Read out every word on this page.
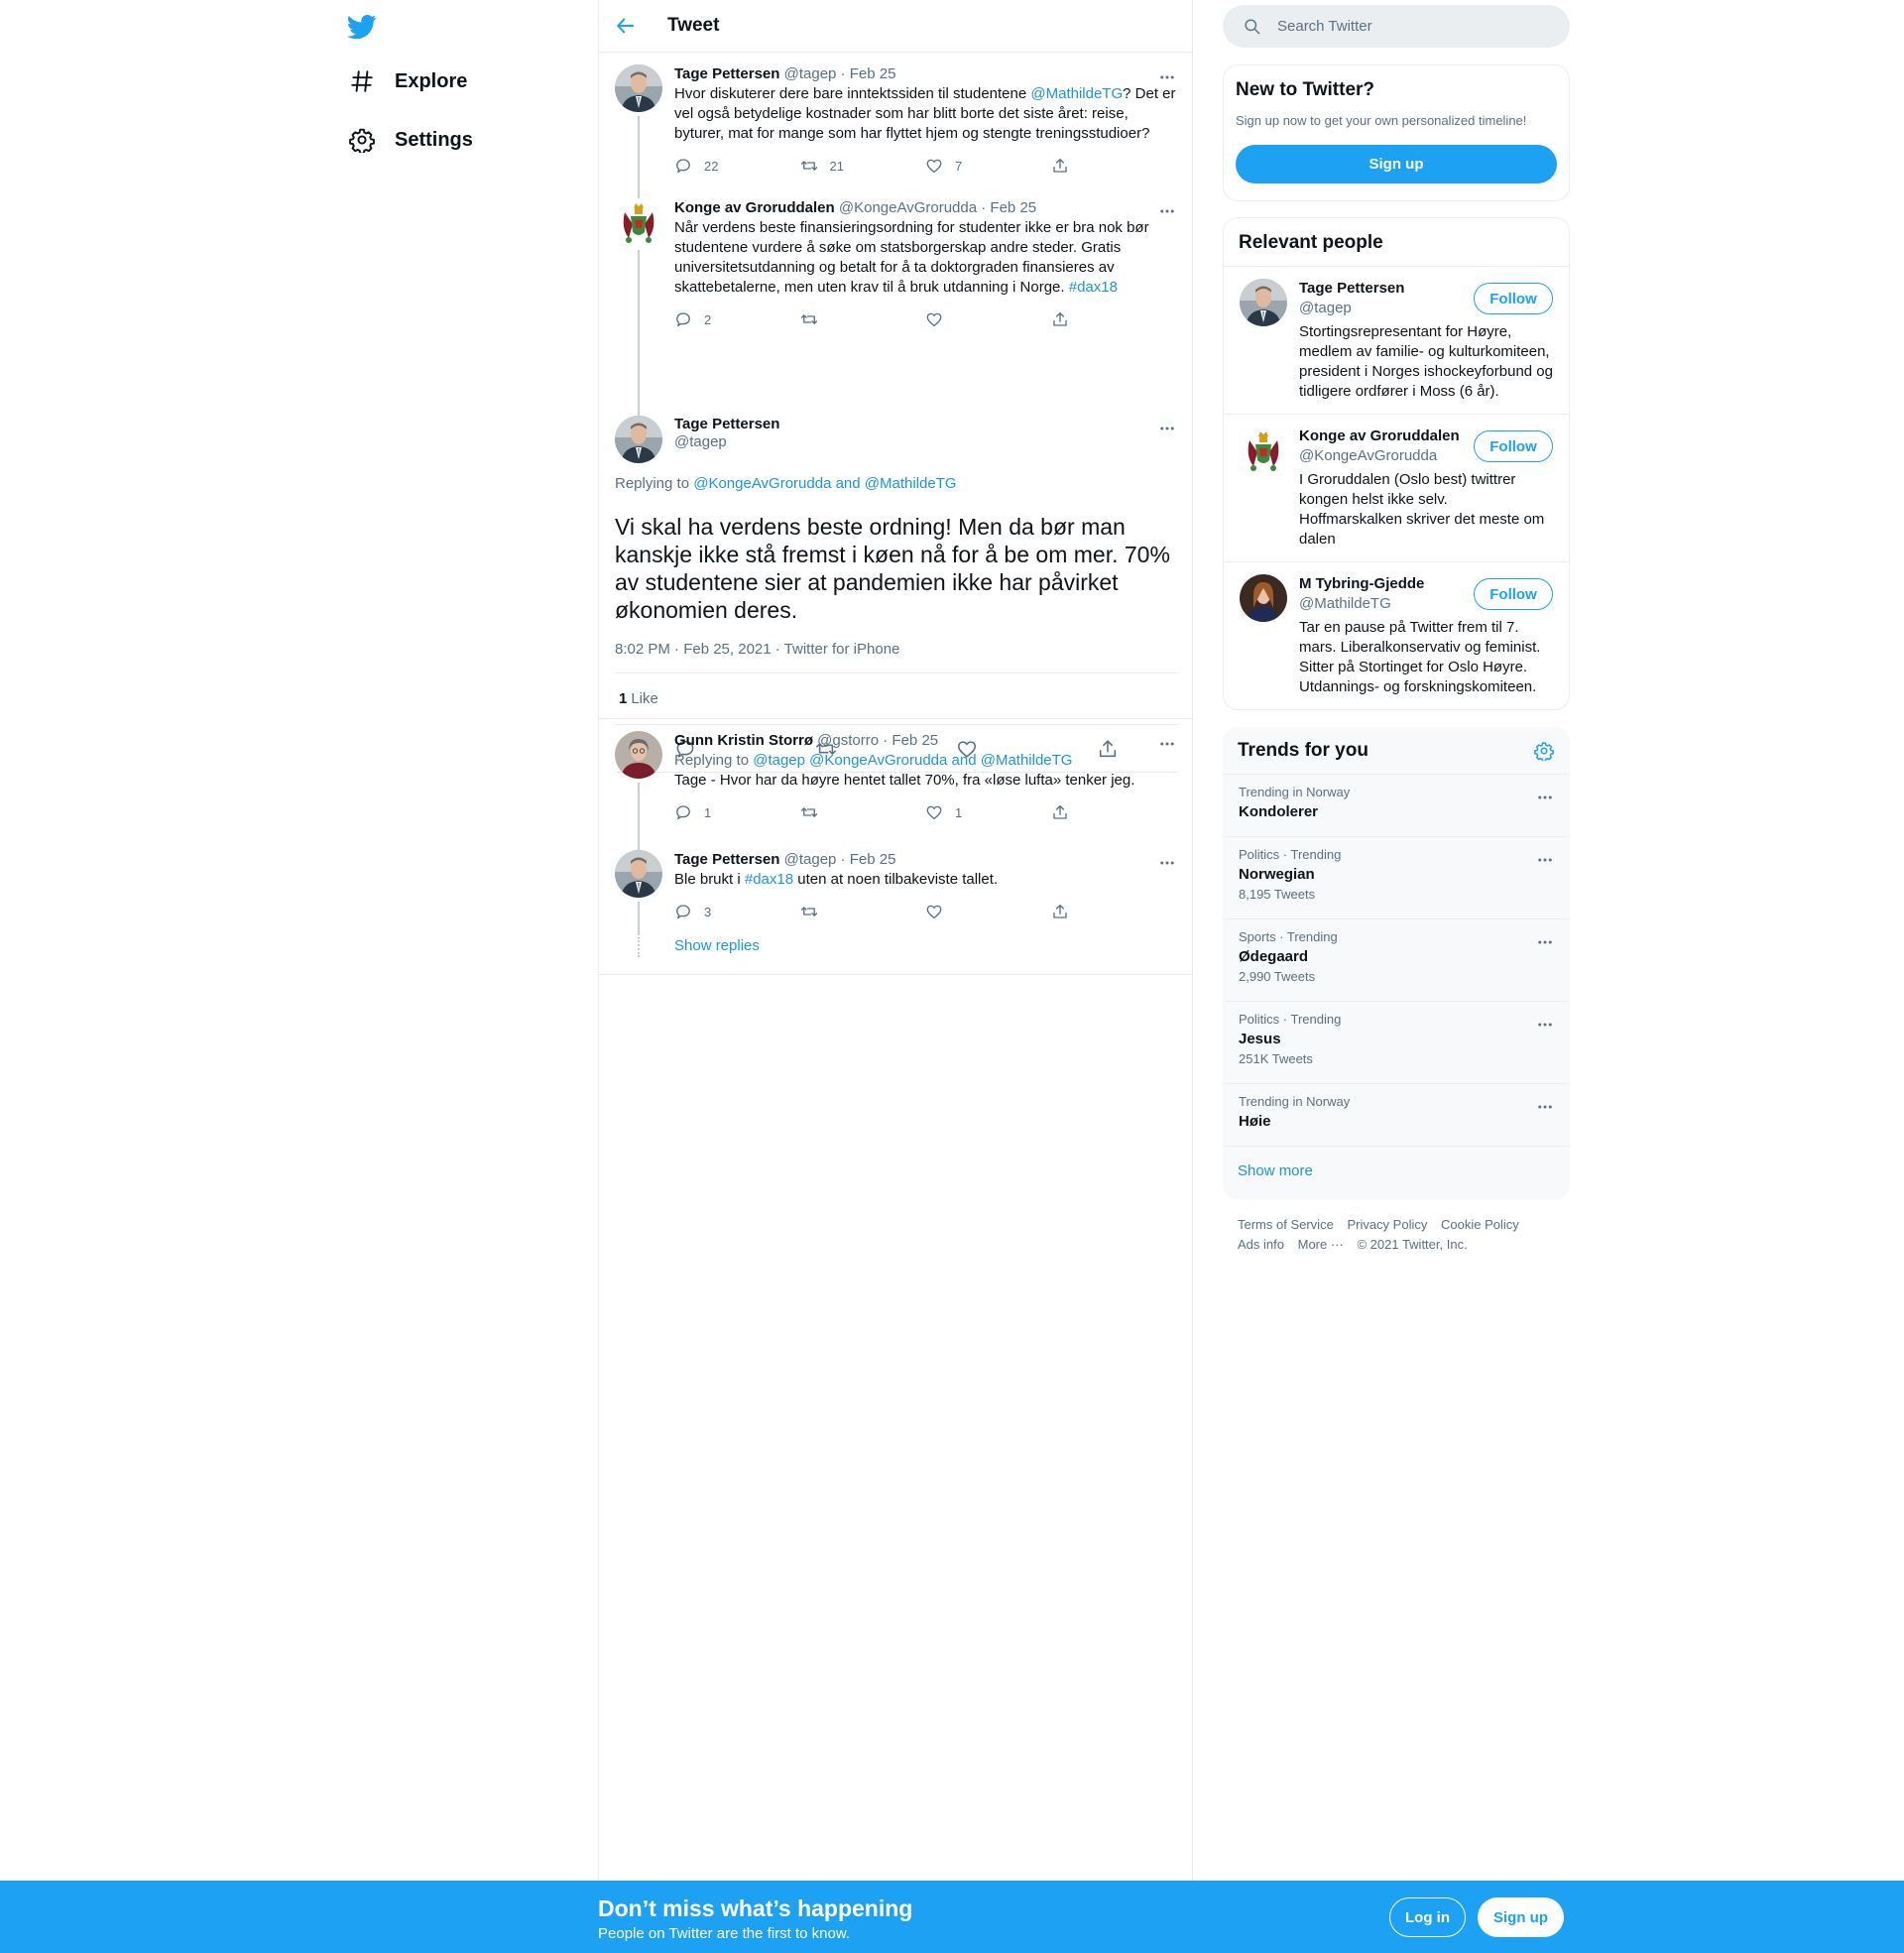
Explore
Settings
Tweet
Tage Pettersen @tagep · Feb 25
Hvor diskuterer dere bare inntektssiden til studentene @MathildeTG? Det er vel også betydelige kostnader som har blitt borte det siste året: reise, byturer, mat for mange som har flyttet hjem og stengte treningsstudioer?
22	21	7
Konge av Groruddalen @KongeAvGrorudda · Feb 25
Når verdens beste finansieringsordning for studenter ikke er bra nok bør studentene vurdere å søke om statsborgerskap andre steder. Gratis universitetsutdanning og betalt for å ta doktorgraden finansieres av skattebetalerne, men uten krav til å bruk utdanning i Norge. #dax18
2
Tage Pettersen
@tagep
Replying to @KongeAvGrorudda and @MathildeTG
Vi skal ha verdens beste ordning! Men da bør man kanskje ikke stå fremst i køen nå for å be om mer. 70% av studentene sier at pandemien ikke har påvirket økonomien deres.
8:02 PM · Feb 25, 2021 · Twitter for iPhone
1 Like
Gunn Kristin Storrø @gstorro · Feb 25
Replying to @tagep @KongeAvGrorudda and @MathildeTG
Tage - Hvor har da høyre hentet tallet 70%, fra «løse lufta» tenker jeg.
1	1
Tage Pettersen @tagep · Feb 25
Ble brukt i #dax18 uten at noen tilbakeviste tallet.
3
Show replies
Search Twitter
New to Twitter?
Sign up now to get your own personalized timeline!
Sign up
Relevant people
Follow
Tage Pettersen
@tagep
Stortingsrepresentant for Høyre, medlem av familie- og kulturkomiteen, president i Norges ishockeyforbund og tidligere ordfører i Moss (6 år).
Follow
Konge av Groruddalen
@KongeAvGrorudda
I Groruddalen (Oslo best) twittrer kongen helst ikke selv. Hoffmarskalken skriver det meste om dalen
Follow
M Tybring-Gjedde
@MathildeTG
Tar en pause på Twitter frem til 7. mars. Liberalkonservativ og feminist. Sitter på Stortinget for Oslo Høyre. Utdannings- og forskningskomiteen.
Trends for you
Trending in Norway
Kondolerer
Politics · Trending
Norwegian
8,195 Tweets
Sports · Trending
Ødegaard
2,990 Tweets
Politics · Trending
Jesus
251K Tweets
Trending in Norway
Høie
Show more
Terms of Service Privacy Policy Cookie Policy
Ads info More ··· © 2021 Twitter, Inc.
Don’t miss what’s happening
People on Twitter are the first to know.
Log in	Sign up
